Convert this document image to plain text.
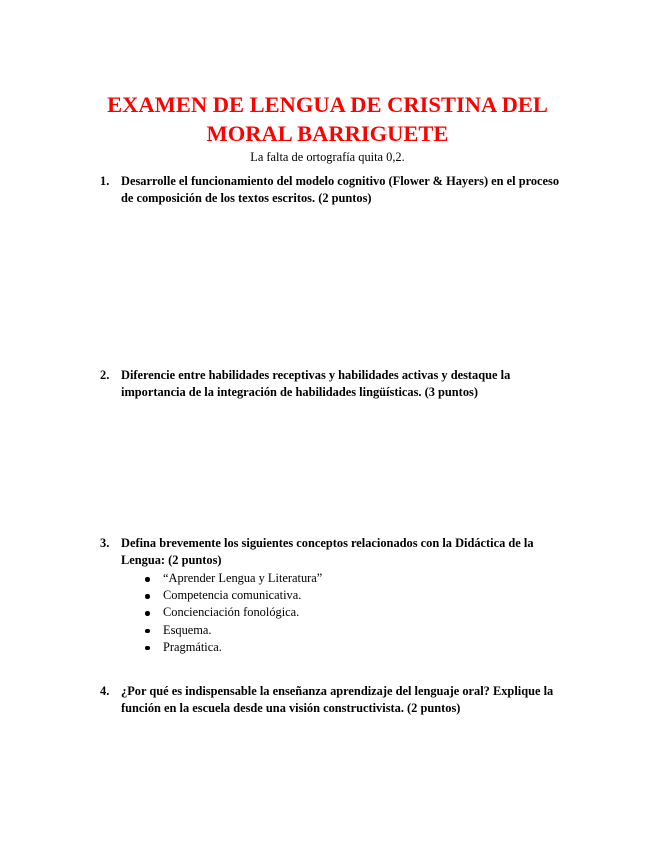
EXAMEN DE LENGUA DE CRISTINA DEL
MORAL BARRIGUETE
La falta de ortografía quita 0,2.
1. Desarrolle el funcionamiento del modelo cognitivo (Flower & Hayers) en el proceso de composición de los textos escritos. (2 puntos)
2. Diferencie entre habilidades receptivas y habilidades activas y destaque la importancia de la integración de habilidades lingüísticas. (3 puntos)
3. Defina brevemente los siguientes conceptos relacionados con la Didáctica de la Lengua: (2 puntos)
“Aprender Lengua y Literatura”
Competencia comunicativa.
Concienciación fonológica.
Esquema.
Pragmática.
4. ¿Por qué es indispensable la enseñanza aprendizaje del lenguaje oral? Explique la función en la escuela desde una visión constructivista. (2 puntos)
